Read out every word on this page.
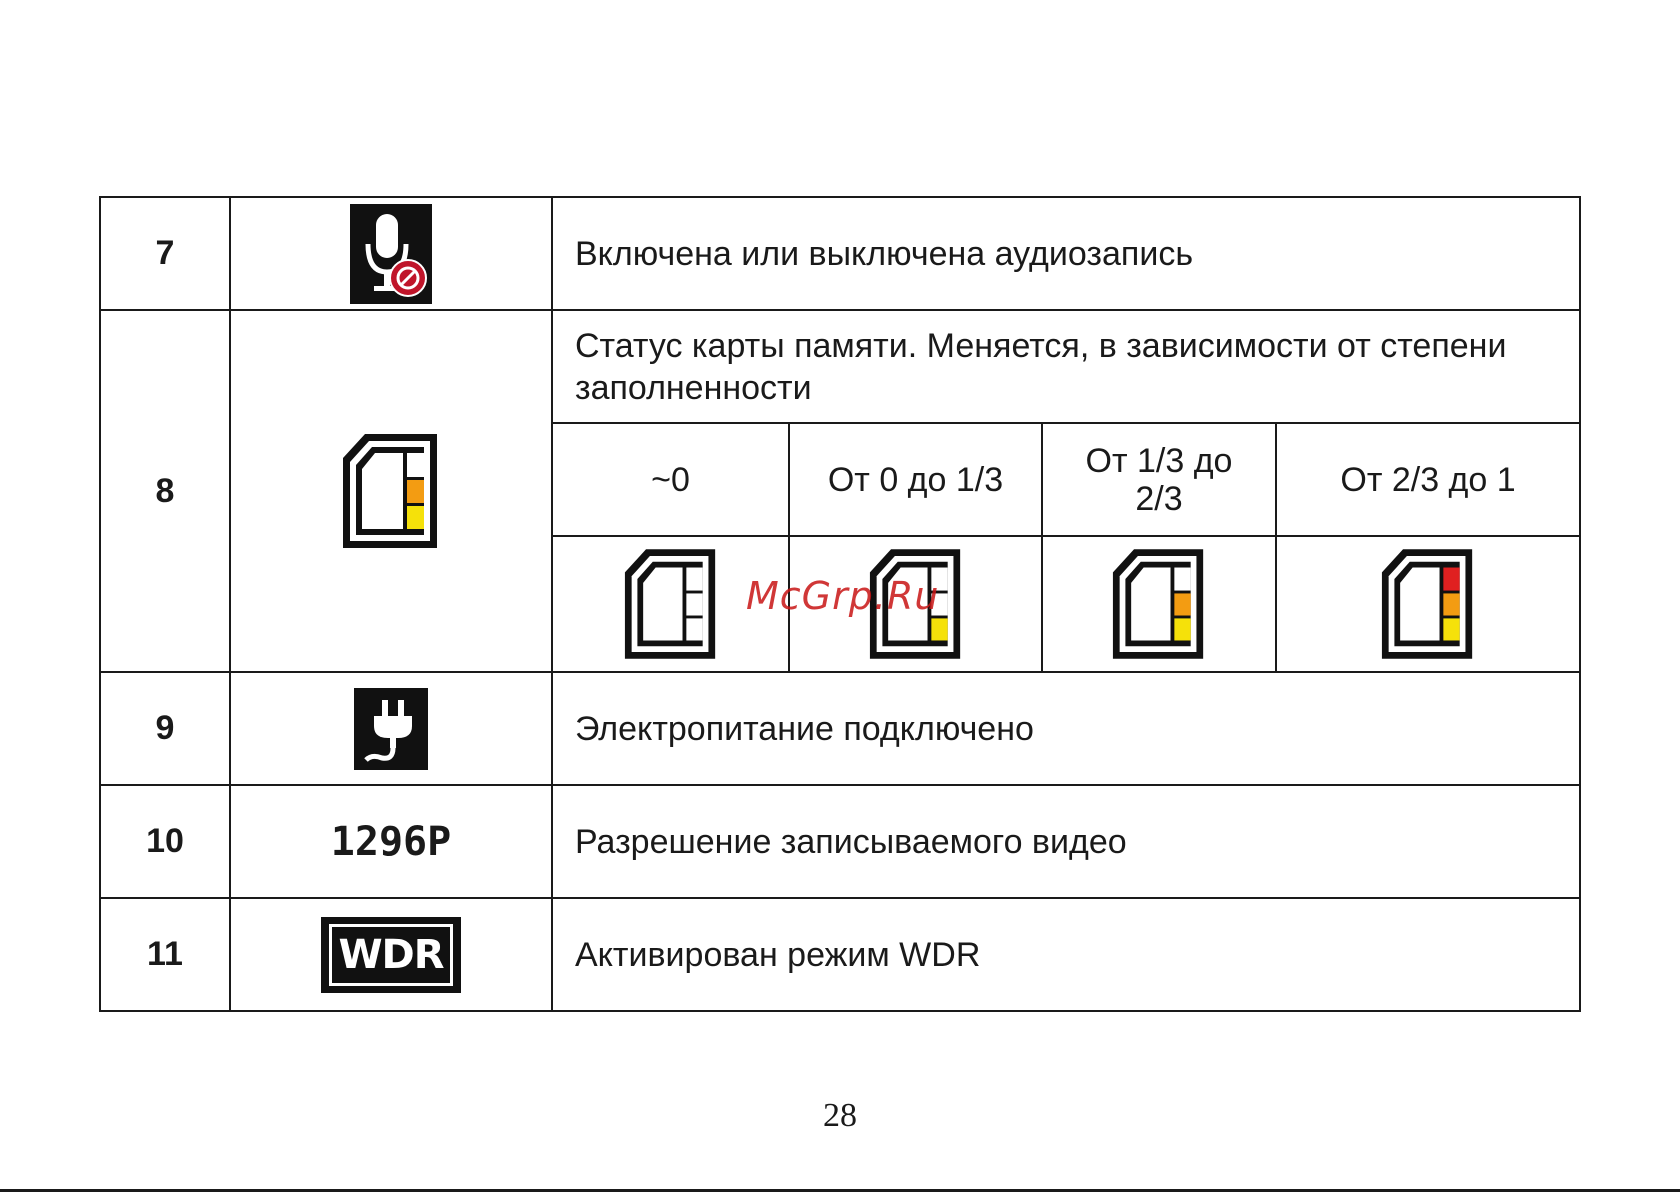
7		Включена или выключена аудиозапись			
8		Статус карты памяти. Меняется, в зависимости от степени заполненности			
		~0	От 0 до 1/3	От 1/3 до 2/3	От 2/3 до 1

9		Электропитание подключено			
10	1296P	Разрешение записываемого видео			
11	WDR	Активирован режим WDR			
McGrp.Ru
28
